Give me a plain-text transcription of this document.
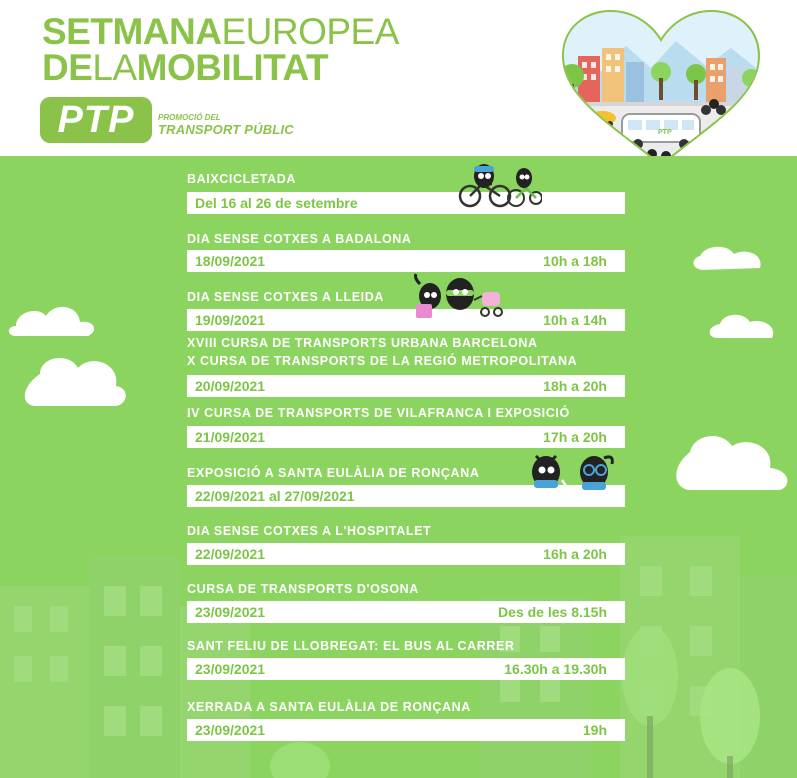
SETMANAEUROPEA
DELAMOBILITAT
PTP	PROMOCIÓ DEL
TRANSPORT PÚBLIC	PTP
BAIXCICLETADA
Del 16 al 26 de setembre
DIA SENSE COTXES A BADALONA
18/09/2021	10h a 18h
DIA SENSE COTXES A LLEIDA
19/09/2021	10h a 14h
XVIII CURSA DE TRANSPORTS URBANA BARCELONA
X CURSA DE TRANSPORTS DE LA REGIÓ METROPOLITANA
20/09/2021	18h a 20h
IV CURSA DE TRANSPORTS DE VILAFRANCA I EXPOSICIÓ
21/09/2021	17h a 20h
EXPOSICIÓ A SANTA EULÀLIA DE RONÇANA
22/09/2021 al 27/09/2021
DIA SENSE COTXES A L'HOSPITALET
22/09/2021	16h a 20h
CURSA DE TRANSPORTS D'OSONA
23/09/2021	Des de les 8.15h
SANT FELIU DE LLOBREGAT: EL BUS AL CARRER
23/09/2021	16.30h a 19.30h
XERRADA A SANTA EULÀLIA DE RONÇANA
23/09/2021	19h
